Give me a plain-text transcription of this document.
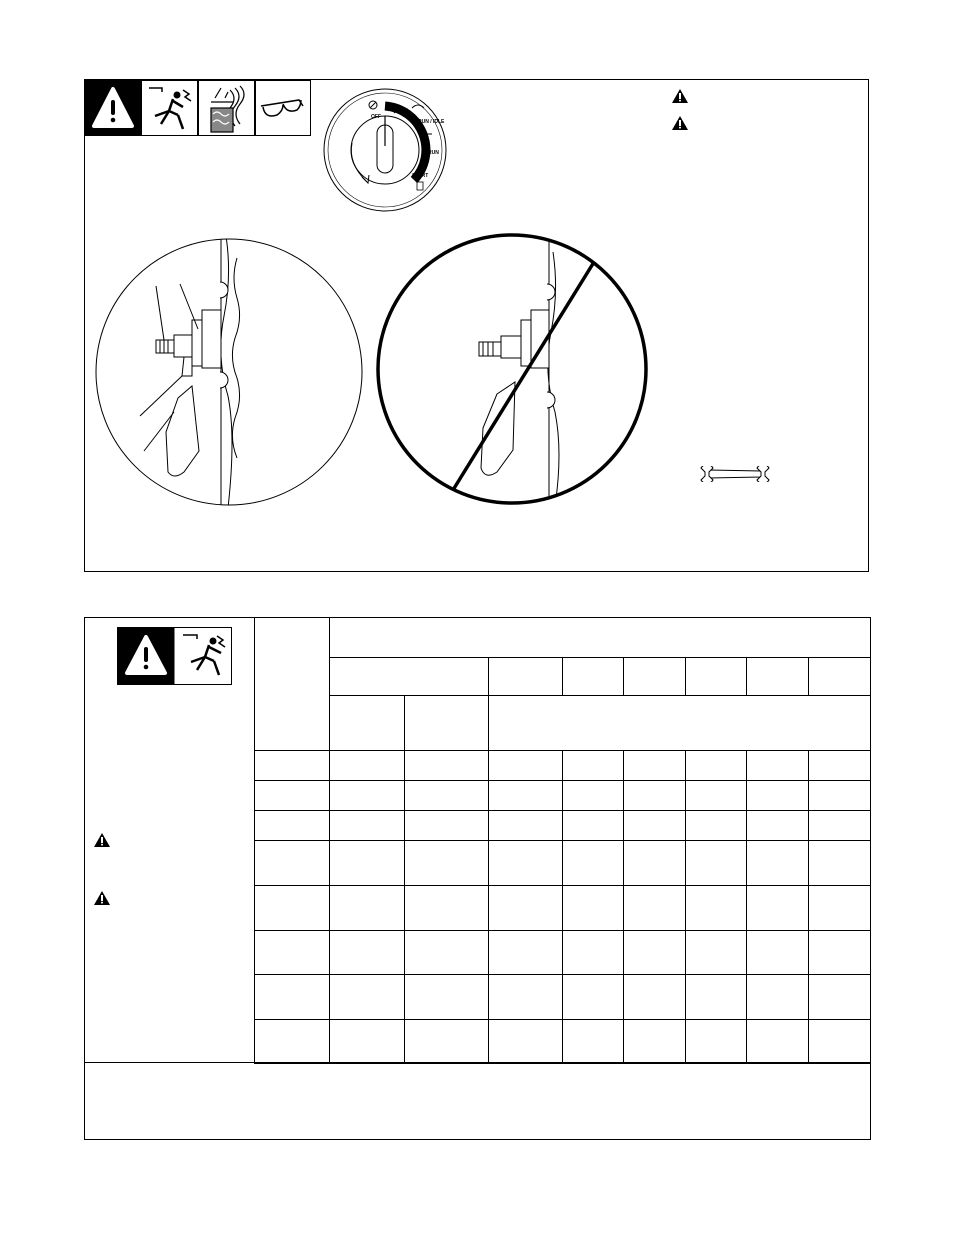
OFF
RUN / IDLE
RUN
START
